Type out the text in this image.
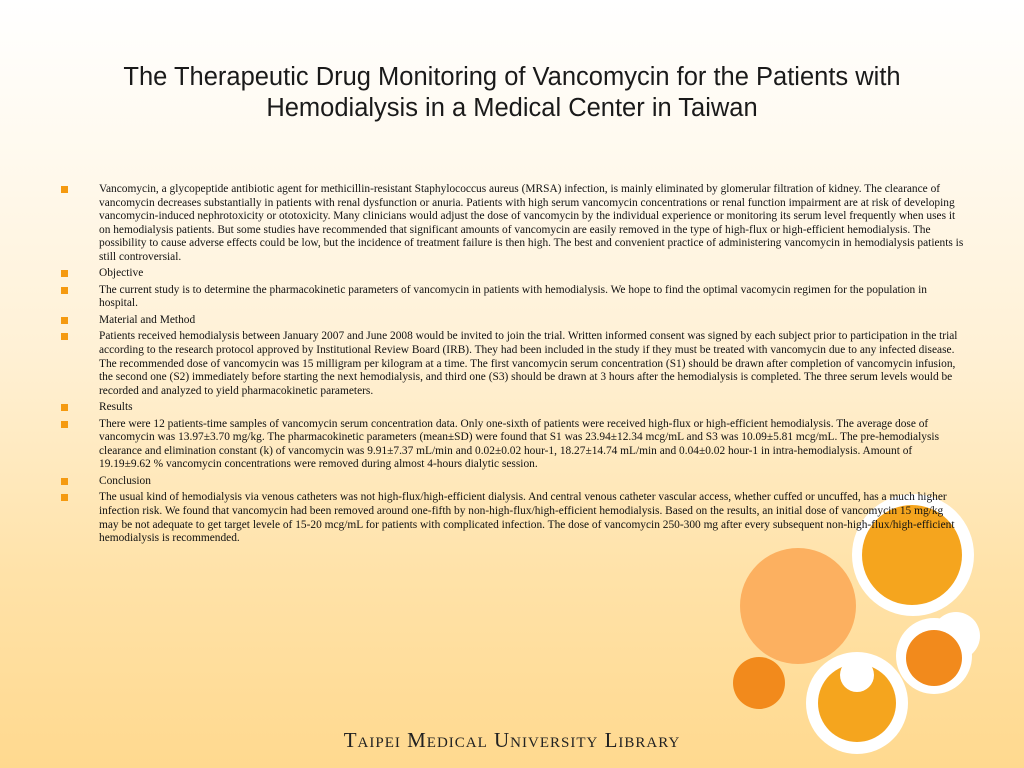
The Therapeutic Drug Monitoring of Vancomycin for the Patients with
Hemodialysis in a Medical Center in Taiwan
Vancomycin, a glycopeptide antibiotic agent for methicillin-resistant Staphylococcus aureus (MRSA) infection, is mainly eliminated by glomerular filtration of kidney. The clearance of vancomycin decreases substantially in patients with renal dysfunction or anuria. Patients with high serum vancomycin concentrations or renal function impairment are at risk of developing vancomycin-induced nephrotoxicity or ototoxicity. Many clinicians would adjust the dose of vancomycin by the individual experience or monitoring its serum level frequently when uses it on hemodialysis patients. But some studies have recommended that significant amounts of vancomycin are easily removed in the type of high-flux or high-efficient hemodialysis. The possibility to cause adverse effects could be low, but the incidence of treatment failure is then high. The best and convenient practice of administering vancomycin in hemodialysis patients is still controversial.
Objective
The current study is to determine the pharmacokinetic parameters of vancomycin in patients with hemodialysis. We hope to find the optimal vacomycin regimen for the population in hospital.
Material and Method
Patients received hemodialysis between January 2007 and June 2008 would be invited to join the trial. Written informed consent was signed by each subject prior to participation in the trial according to the research protocol approved by Institutional Review Board (IRB). They had been included in the study if they must be treated with vancomycin due to any infected disease. The recommended dose of vancomycin was 15 milligram per kilogram at a time. The first vancomycin serum concentration (S1) should be drawn after completion of vancomycin infusion, the second one (S2) immediately before starting the next hemodialysis, and third one (S3) should be drawn at 3 hours after the hemodialysis is completed. The three serum levels would be recorded and analyzed to yield pharmacokinetic parameters.
Results
There were 12 patients-time samples of vancomycin serum concentration data. Only one-sixth of patients were received high-flux or high-efficient hemodialysis. The average dose of vancomycin was 13.97±3.70 mg/kg. The pharmacokinetic parameters (mean±SD) were found that S1 was 23.94±12.34 mcg/mL and S3 was 10.09±5.81 mcg/mL. The pre-hemodialysis clearance and elimination constant (k) of vancomycin was 9.91±7.37 mL/min and 0.02±0.02 hour-1, 18.27±14.74 mL/min and 0.04±0.02 hour-1 in intra-hemodialysis. Amount of 19.19±9.62 % vancomycin concentrations were removed during almost 4-hours dialytic session.
Conclusion
The usual kind of hemodialysis via venous catheters was not high-flux/high-efficient dialysis. And central venous catheter vascular access, whether cuffed or uncuffed, has a much higher infection risk. We found that vancomycin had been removed around one-fifth by non-high-flux/high-efficient hemodialysis. Based on the results, an initial dose of vancomycin 15 mg/kg may be not adequate to get target levele of 15-20 mcg/mL for patients with complicated infection. The dose of vancomycin 250-300 mg after every subsequent non-high-flux/high-efficient hemodialysis is recommended.
Taipei Medical University Library
